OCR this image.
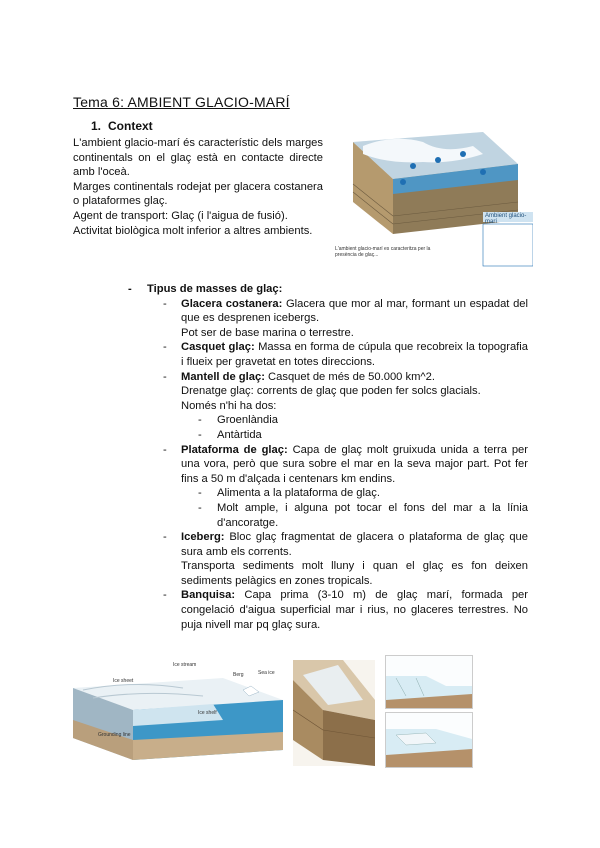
Tema 6: AMBIENT GLACIO-MARÍ
1. Context

L'ambient glacio-marí és característic dels marges continentals on el glaç està en contacte directe amb l'oceà.

Marges continentals rodejat per glacera costanera o plataformes glaç.

Agent de transport: Glaç (i l'aigua de fusió).

Activitat biològica molt inferior a altres ambients.

Ambient glacio-marí
L'ambient glacio-marí es caracteritza per la presència de glaç...
- Tipus de masses de glaç:
- Glacera costanera: Glacera que mor al mar, formant un espadat del que es desprenen icebergs.
Pot ser de base marina o terrestre.
- Casquet glaç: Massa en forma de cúpula que recobreix la topografia i flueix per gravetat en totes direccions.
- Mantell de glaç: Casquet de més de 50.000 km^2.
Drenatge glaç: corrents de glaç que poden fer solcs glacials.
Només n'hi ha dos:
- Groenlàndia
- Antàrtida
- Plataforma de glaç: Capa de glaç molt gruixuda unida a terra per una vora, però que sura sobre el mar en la seva major part. Pot fer fins a 50 m d'alçada i centenars km endins.
- Alimenta a la plataforma de glaç.
- Molt ample, i alguna pot tocar el fons del mar a la línia d'ancoratge.
- Iceberg: Bloc glaç fragmentat de glacera o plataforma de glaç que sura amb els corrents.
Transporta sediments molt lluny i quan el glaç es fon deixen sediments pelàgics en zones tropicals.
- Banquisa: Capa prima (3-10 m) de glaç marí, formada per congelació d'aigua superficial mar i rius, no glaceres terrestres. No puja nivell mar pq glaç sura.
Ice stream
Ice sheet
Berg
Ice shelf
Grounding line
Sea ice
